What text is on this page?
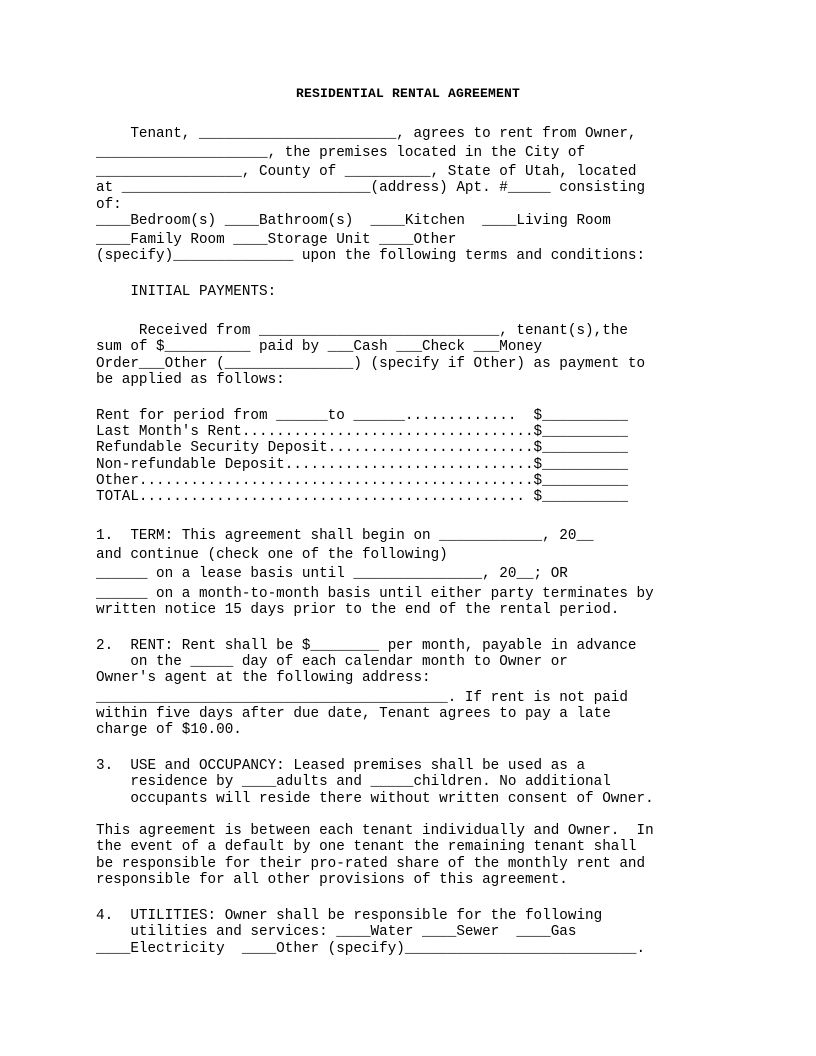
RESIDENTIAL RENTAL AGREEMENT
Tenant, _______________________, agrees to rent from Owner,
____________________, the premises located in the City of
_________________, County of __________, State of Utah, located
at _____________________________(address) Apt. #_____ consisting
of:
____Bedroom(s) ____Bathroom(s)  ____Kitchen  ____Living Room
____Family Room ____Storage Unit ____Other
(specify)______________ upon the following terms and conditions:
INITIAL PAYMENTS:
Received from ____________________________, tenant(s),the
sum of $__________ paid by ___Cash ___Check ___Money
Order___Other (_______________) (specify if Other) as payment to
be applied as follows:
Rent for period from ______to ______.............  $__________
Last Month's Rent..................................$__________
Refundable Security Deposit........................$__________
Non-refundable Deposit.............................$__________
Other..............................................$__________
TOTAL............................................. $__________
1.  TERM: This agreement shall begin on ____________, 20__
and continue (check one of the following)
______ on a lease basis until _______________, 20__; OR
______ on a month-to-month basis until either party terminates by
written notice 15 days prior to the end of the rental period.
2.  RENT: Rent shall be $________ per month, payable in advance
on the _____ day of each calendar month to Owner or
Owner's agent at the following address:
_________________________________________. If rent is not paid
within five days after due date, Tenant agrees to pay a late
charge of $10.00.
3.  USE and OCCUPANCY: Leased premises shall be used as a
residence by ____adults and _____children. No additional
occupants will reside there without written consent of Owner.
This agreement is between each tenant individually and Owner.  In
the event of a default by one tenant the remaining tenant shall
be responsible for their pro-rated share of the monthly rent and
responsible for all other provisions of this agreement.
4.  UTILITIES: Owner shall be responsible for the following
utilities and services: ____Water ____Sewer  ____Gas
____Electricity  ____Other (specify)___________________________.
